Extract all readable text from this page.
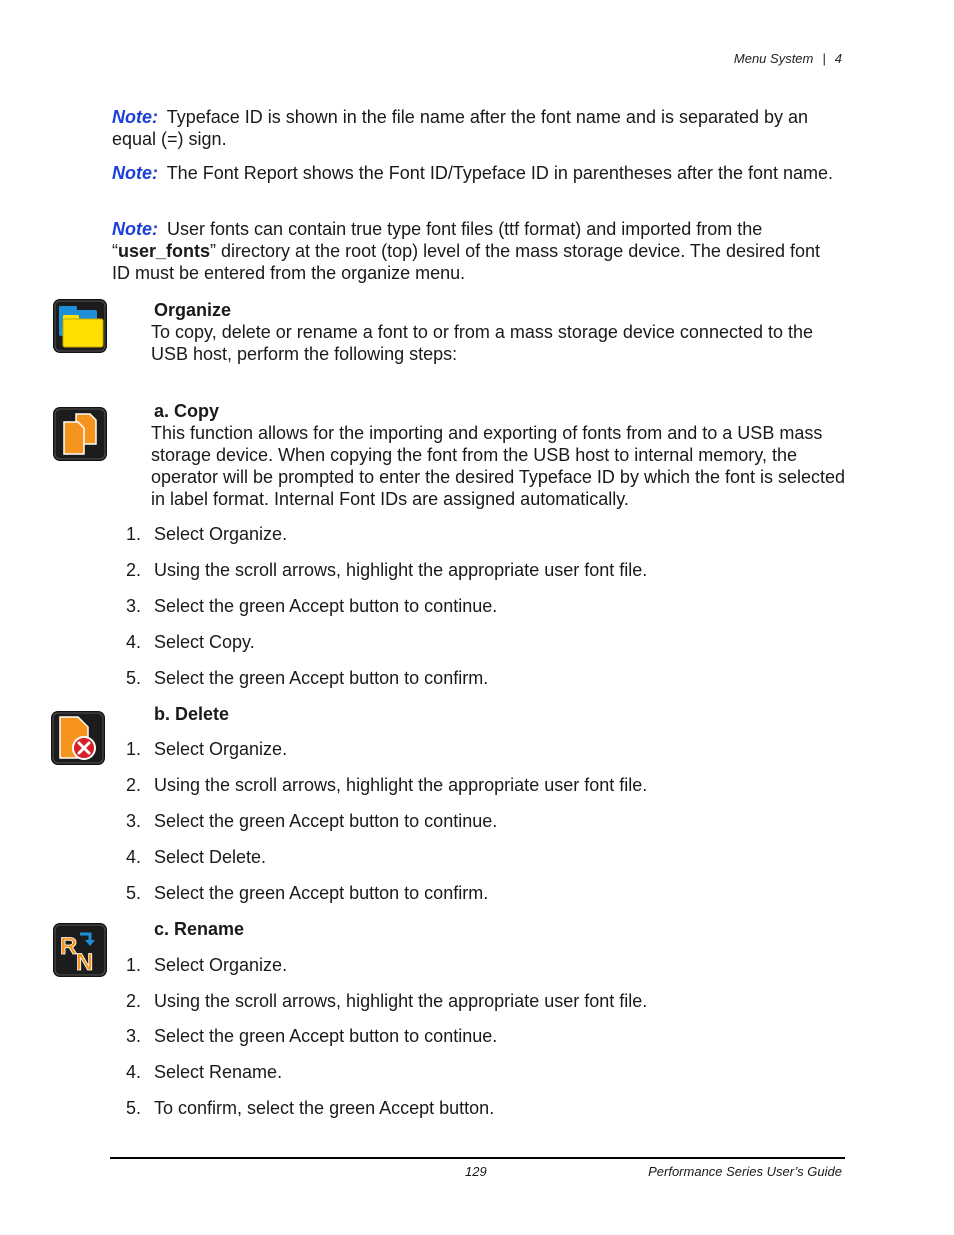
Menu System | 4
Note: Typeface ID is shown in the file name after the font name and is separated by an equal (=) sign.
Note: The Font Report shows the Font ID/Typeface ID in parentheses after the font name.
Note: User fonts can contain true type font files (ttf format) and imported from the “user_fonts” directory at the root (top) level of the mass storage device. The desired font ID must be entered from the organize menu.
Organize
To copy, delete or rename a font to or from a mass storage device connected to the USB host, perform the following steps:
a. Copy
This function allows for the importing and exporting of fonts from and to a USB mass storage device. When copying the font from the USB host to internal memory, the operator will be prompted to enter the desired Typeface ID by which the font is selected in label format. Internal Font IDs are assigned automatically.
1. Select Organize.
2. Using the scroll arrows, highlight the appropriate user font file.
3. Select the green Accept button to continue.
4. Select Copy.
5. Select the green Accept button to confirm.
b. Delete
1. Select Organize.
2. Using the scroll arrows, highlight the appropriate user font file.
3. Select the green Accept button to continue.
4. Select Delete.
5. Select the green Accept button to confirm.
R
N
c. Rename
1. Select Organize.
2. Using the scroll arrows, highlight the appropriate user font file.
3. Select the green Accept button to continue.
4. Select Rename.
5. To confirm, select the green Accept button.
129	Performance Series User’s Guide
